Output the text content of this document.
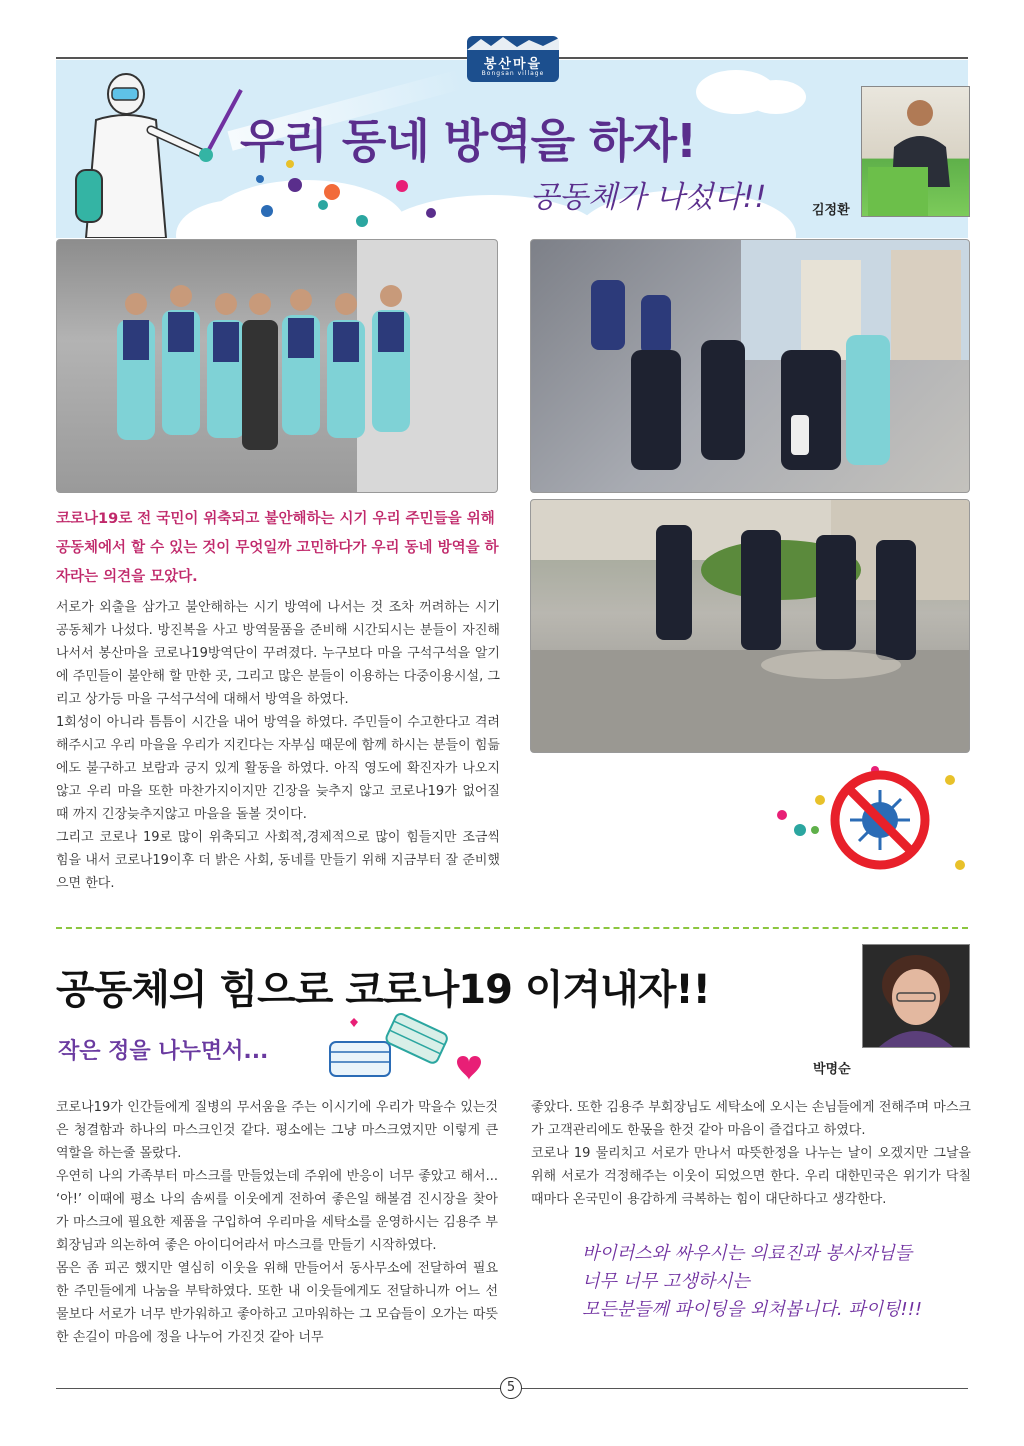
봉산마을
Bongsan village
우리 동네 방역을 하자!
공동체가 나섰다!!	김정환
코로나19로 전 국민이 위축되고 불안해하는 시기 우리 주민들을 위해 공동체에서 할 수 있는 것이 무엇일까 고민하다가 우리 동네 방역을 하자라는 의견을 모았다.

서로가 외출을 삼가고 불안해하는 시기 방역에 나서는 것 조차 꺼려하는 시기 공동체가 나섰다. 방진복을 사고 방역물품을 준비해 시간되시는 분들이 자진해 나서서 봉산마을 코로나19방역단이 꾸려졌다. 누구보다 마을 구석구석을 알기에 주민들이 불안해 할 만한 곳, 그리고 많은 분들이 이용하는 다중이용시설, 그리고 상가등 마을 구석구석에 대해서 방역을 하였다.

1회성이 아니라 틈틈이 시간을 내어 방역을 하였다. 주민들이 수고한다고 격려해주시고 우리 마을을 우리가 지킨다는 자부심 때문에 함께 하시는 분들이 힘듦에도 불구하고 보람과 긍지 있게 활동을 하였다. 아직 영도에 확진자가 나오지 않고 우리 마을 또한 마찬가지이지만 긴장을 늦추지 않고 코로나19가 없어질 때 까지 긴장늦추지않고 마을을 돌볼 것이다.

그리고 코로나 19로 많이 위축되고 사회적,경제적으로 많이 힘들지만 조금씩 힘을 내서 코로나19이후 더 밝은 사회, 동네를 만들기 위해 지금부터 잘 준비했으면 한다.

공동체의 힘으로 코로나19 이겨내자!!
작은 정을 나누면서...
박명순

코로나19가 인간들에게 질병의 무서움을 주는 이시기에 우리가 막을수 있는것은 청결함과 하나의 마스크인것 같다. 평소에는 그냥 마스크였지만 이렇게 큰 역할을 하는줄 몰랐다.

우연히 나의 가족부터 마스크를 만들었는데 주위에 반응이 너무 좋았고 해서... ‘아!’ 이때에 평소 나의 솜씨를 이웃에게 전하여 좋은일 해볼겸 진시장을 찾아가 마스크에 필요한 제품을 구입하여 우리마을 세탁소를 운영하시는 김용주 부회장님과 의논하여 좋은 아이디어라서 마스크를 만들기 시작하였다.

몸은 좀 피곤 했지만 열심히 이웃을 위해 만들어서 동사무소에 전달하여 필요한 주민들에게 나눔을 부탁하였다. 또한 내 이웃들에게도 전달하니까 어느 선물보다 서로가 너무 반가워하고 좋아하고 고마워하는 그 모습들이 오가는 따뜻한 손길이 마음에 정을 나누어 가진것 같아 너무

좋았다. 또한 김용주 부회장님도 세탁소에 오시는 손님들에게 전해주며 마스크가 고객관리에도 한몫을 한것 같아 마음이 즐겁다고 하였다.

코로나 19 물리치고 서로가 만나서 따뜻한정을 나누는 날이 오겠지만 그날을 위해 서로가 걱정해주는 이웃이 되었으면 한다. 우리 대한민국은 위기가 닥칠때마다 온국민이 용감하게 극복하는 힘이 대단하다고 생각한다.

바이러스와 싸우시는 의료진과 봉사자님들
너무 너무 고생하시는
모든분들께 파이팅을 외쳐봅니다. 파이팅!!!
5
